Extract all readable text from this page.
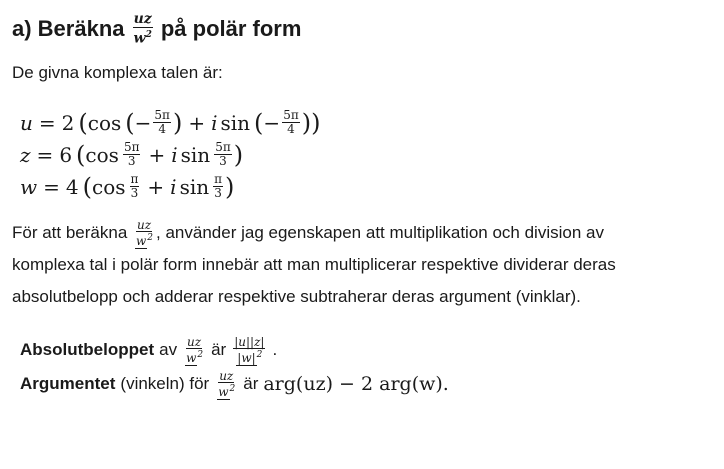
a) Beräkna $\frac{uz}{w^2}$ på polär form

De givna komplexa talen är:

u = 2 ( cos ( − $\frac{5\pi}{4}$ ) + i sin ( − $\frac{5\pi}{4}$ ))
z = 6 ( $\cos \frac{5\pi}{3} + i$ $\sin \frac{5\pi}{3}$ )
w = 4 ( $\cos \frac{\pi}{3} + i$ $\sin \frac{\pi}{3}$ )

För att beräkna $\frac{uz}{w^2}$ , använder jag egenskapen att multiplikation och division av

komplexa tal i polär form innebär att man multiplicerar respektive dividerar deras

absolutbelopp och adderar respektive subtraherar deras argument (vinklar).

Absolutbeloppet av $\frac{uz}{w^2}$ är $\frac{|u||z|}{|w|^2}$ .

Argumentet (vinkeln) för $\frac{uz}{w^2}$ är arg(uz) − 2 arg(w).
